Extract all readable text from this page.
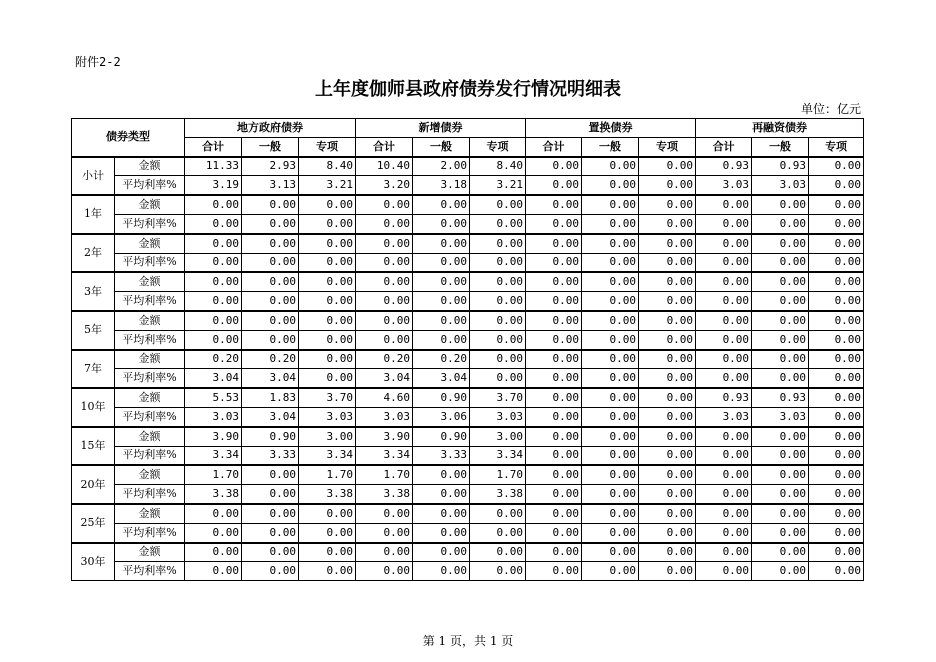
附件2-2
上年度伽师县政府债券发行情况明细表
单位：亿元
债券类型		地方政府债券			新增债券			置换债券			再融资债券		
		合计	一般	专项	合计	一般	专项	合计	一般	专项	合计	一般	专项
小计	金额	11.33	2.93	8.40	10.40	2.00	8.40	0.00	0.00	0.00	0.93	0.93	0.00
	平均利率%	3.19	3.13	3.21	3.20	3.18	3.21	0.00	0.00	0.00	3.03	3.03	0.00
1年	金额	0.00	0.00	0.00	0.00	0.00	0.00	0.00	0.00	0.00	0.00	0.00	0.00
	平均利率%	0.00	0.00	0.00	0.00	0.00	0.00	0.00	0.00	0.00	0.00	0.00	0.00
2年	金额	0.00	0.00	0.00	0.00	0.00	0.00	0.00	0.00	0.00	0.00	0.00	0.00
	平均利率%	0.00	0.00	0.00	0.00	0.00	0.00	0.00	0.00	0.00	0.00	0.00	0.00
3年	金额	0.00	0.00	0.00	0.00	0.00	0.00	0.00	0.00	0.00	0.00	0.00	0.00
	平均利率%	0.00	0.00	0.00	0.00	0.00	0.00	0.00	0.00	0.00	0.00	0.00	0.00
5年	金额	0.00	0.00	0.00	0.00	0.00	0.00	0.00	0.00	0.00	0.00	0.00	0.00
	平均利率%	0.00	0.00	0.00	0.00	0.00	0.00	0.00	0.00	0.00	0.00	0.00	0.00
7年	金额	0.20	0.20	0.00	0.20	0.20	0.00	0.00	0.00	0.00	0.00	0.00	0.00
	平均利率%	3.04	3.04	0.00	3.04	3.04	0.00	0.00	0.00	0.00	0.00	0.00	0.00
10年	金额	5.53	1.83	3.70	4.60	0.90	3.70	0.00	0.00	0.00	0.93	0.93	0.00
	平均利率%	3.03	3.04	3.03	3.03	3.06	3.03	0.00	0.00	0.00	3.03	3.03	0.00
15年	金额	3.90	0.90	3.00	3.90	0.90	3.00	0.00	0.00	0.00	0.00	0.00	0.00
	平均利率%	3.34	3.33	3.34	3.34	3.33	3.34	0.00	0.00	0.00	0.00	0.00	0.00
20年	金额	1.70	0.00	1.70	1.70	0.00	1.70	0.00	0.00	0.00	0.00	0.00	0.00
	平均利率%	3.38	0.00	3.38	3.38	0.00	3.38	0.00	0.00	0.00	0.00	0.00	0.00
25年	金额	0.00	0.00	0.00	0.00	0.00	0.00	0.00	0.00	0.00	0.00	0.00	0.00
	平均利率%	0.00	0.00	0.00	0.00	0.00	0.00	0.00	0.00	0.00	0.00	0.00	0.00
30年	金额	0.00	0.00	0.00	0.00	0.00	0.00	0.00	0.00	0.00	0.00	0.00	0.00
	平均利率%	0.00	0.00	0.00	0.00	0.00	0.00	0.00	0.00	0.00	0.00	0.00	0.00
第 1 页，共 1 页
